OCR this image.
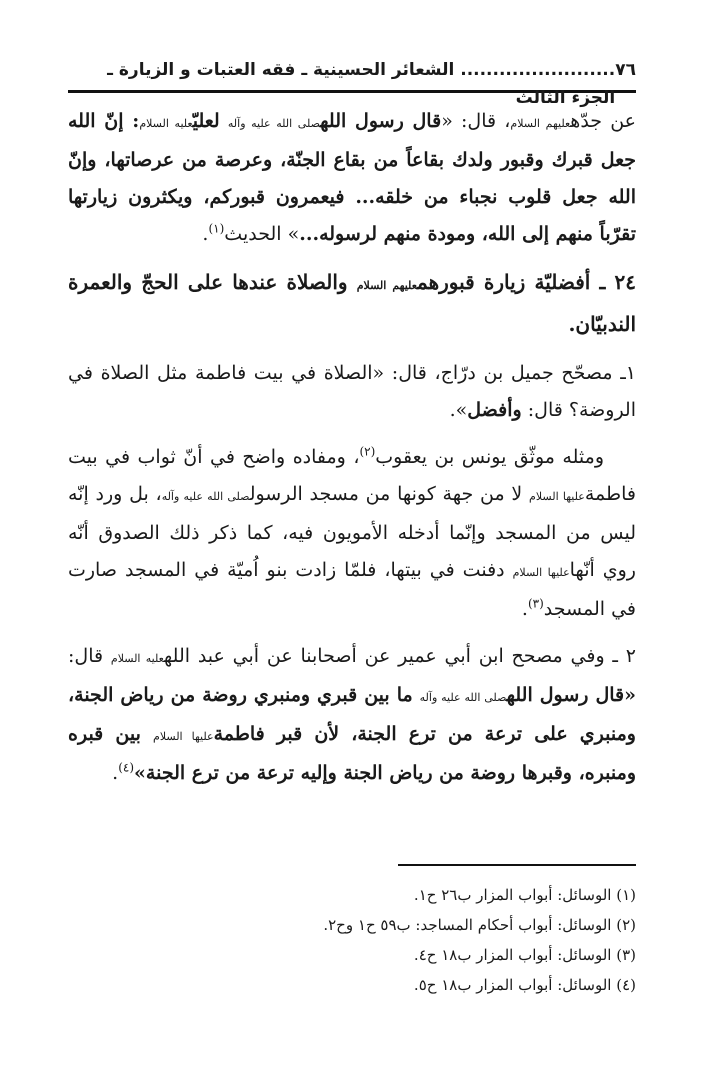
٧٦
........................ الشعائر الحسينية ـ فقه العتبات و الزيارة ـ الجزء الثالث

عن جدّهعليهم السلام، قال: «قال رسول اللهصلى الله عليه وآله لعليّعليه السلام: إنّ الله جعل قبرك وقبور ولدك بقاعاً من بقاع الجنّة، وعرصة من عرصاتها، وإنّ الله جعل قلوب نجباء من خلقه... فيعمرون قبوركم، ويكثرون زيارتها تقرّباً منهم إلى الله، ومودة منهم لرسوله...» الحديث$^{(١)}$.

٢٤ ـ أفضليّة زيارة قبورهمعليهم السلام والصلاة عندها على الحجّ والعمرة الندبيّان.

١ـ مصحّح جميل بن درّاج، قال: «الصلاة في بيت فاطمة مثل الصلاة في الروضة؟ قال: وأفضل».

ومثله موثّق يونس بن يعقوب$^{(٢)}$، ومفاده واضح في أنّ ثواب في بيت فاطمةعليها السلام لا من جهة كونها من مسجد الرسولصلى الله عليه وآله، بل ورد إنّه ليس من المسجد وإنّما أدخله الأمويون فيه، كما ذكر ذلك الصدوق أنّه روي أنّهاعليها السلام دفنت في بيتها، فلمّا زادت بنو اُميّة في المسجد صارت في المسجد$^{(٣)}$.

٢ ـ وفي مصحح ابن أبي عمير عن أصحابنا عن أبي عبد اللهعليه السلام قال: «قال رسول اللهصلى الله عليه وآله ما بين قبري ومنبري روضة من رياض الجنة، ومنبري على ترعة من ترع الجنة، لأن قبر فاطمةعليها السلام بين قبره ومنبره، وقبرها روضة من رياض الجنة وإليه ترعة من ترع الجنة»$^{(٤)}$.

(١) الوسائل: أبواب المزار ب٢٦ ح١.
(٢) الوسائل: أبواب أحكام المساجد: ب٥٩ ح١ وح٢.
(٣) الوسائل: أبواب المزار ب١٨ ح٤.
(٤) الوسائل: أبواب المزار ب١٨ ح٥.
